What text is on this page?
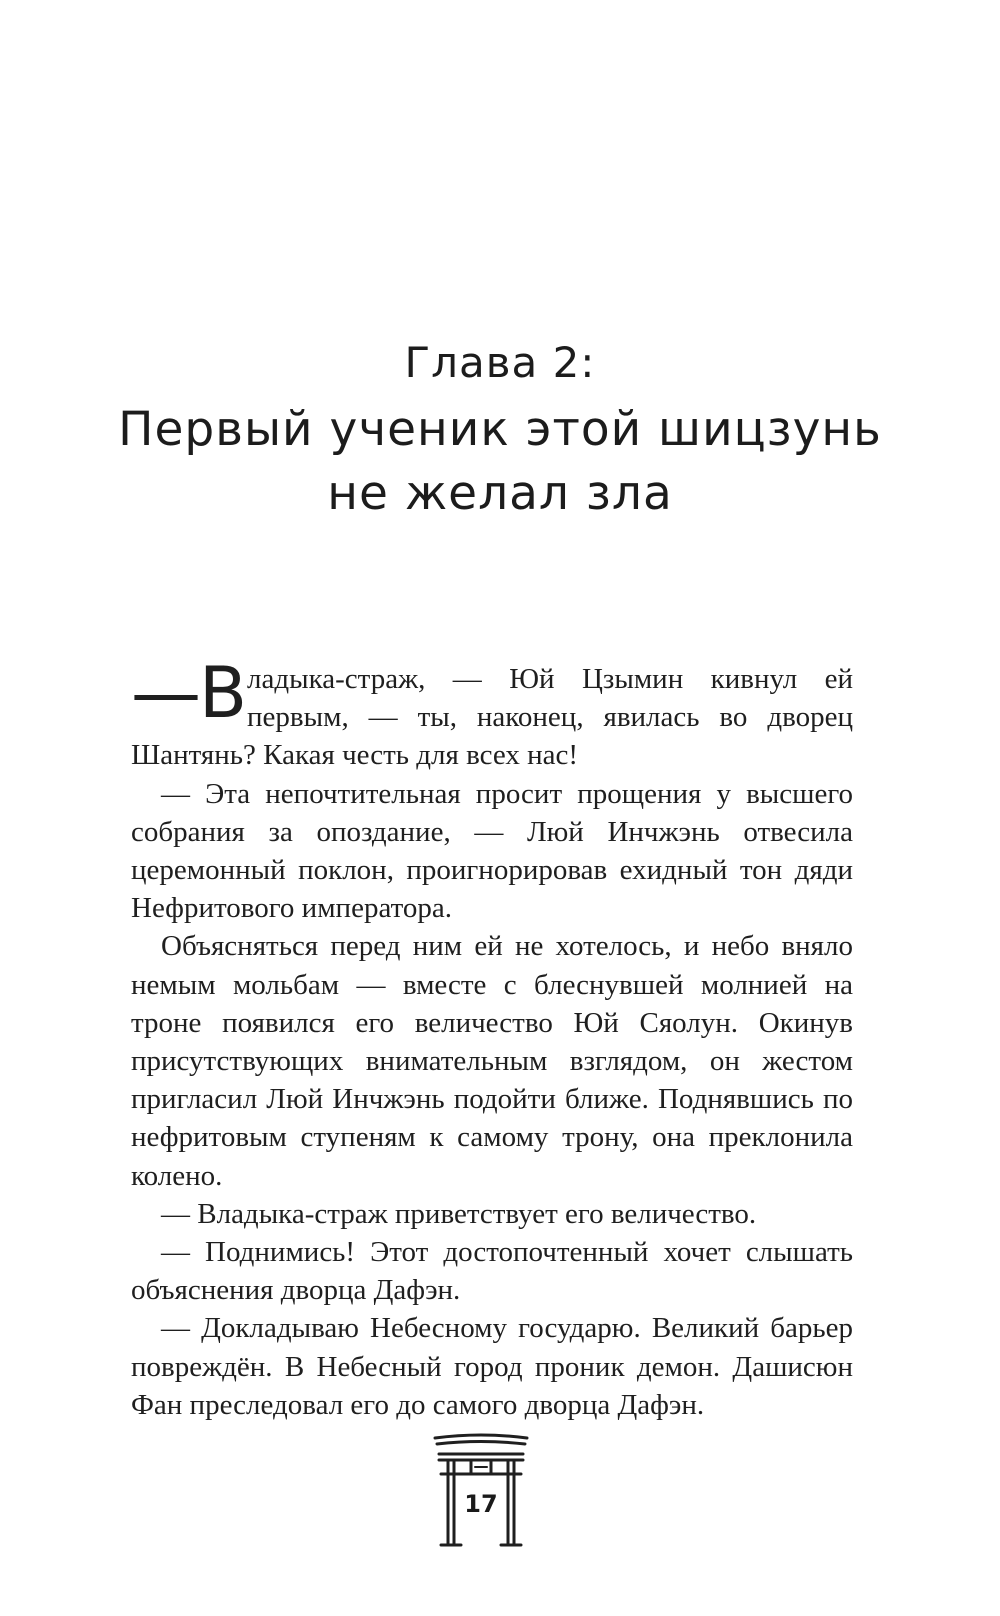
Глава 2:
Первый ученик этой шицзунь
не желал зла

—В ладыка-страж, — Юй Цзымин кивнул ей первым, — ты, наконец, явилась во дворец Шантянь? Какая честь для всех нас!

— Эта непочтительная просит прощения у высшего собрания за опоздание, — Люй Инчжэнь отвесила церемонный поклон, проигнорировав ехидный тон дяди Нефритового императора.

Объясняться перед ним ей не хотелось, и небо вняло немым мольбам — вместе с блеснувшей молнией на троне появился его величество Юй Сяолун. Окинув присутствующих внимательным взглядом, он жестом пригласил Люй Инчжэнь подойти ближе. Поднявшись по нефритовым ступеням к самому трону, она преклонила колено.

— Владыка-страж приветствует его величество.

— Поднимись! Этот достопочтенный хочет слышать объяснения дворца Дафэн.

— Докладываю Небесному государю. Великий барьер повреждён. В Небесный город проник демон. Дашисюн Фан преследовал его до самого дворца Дафэн.

17
